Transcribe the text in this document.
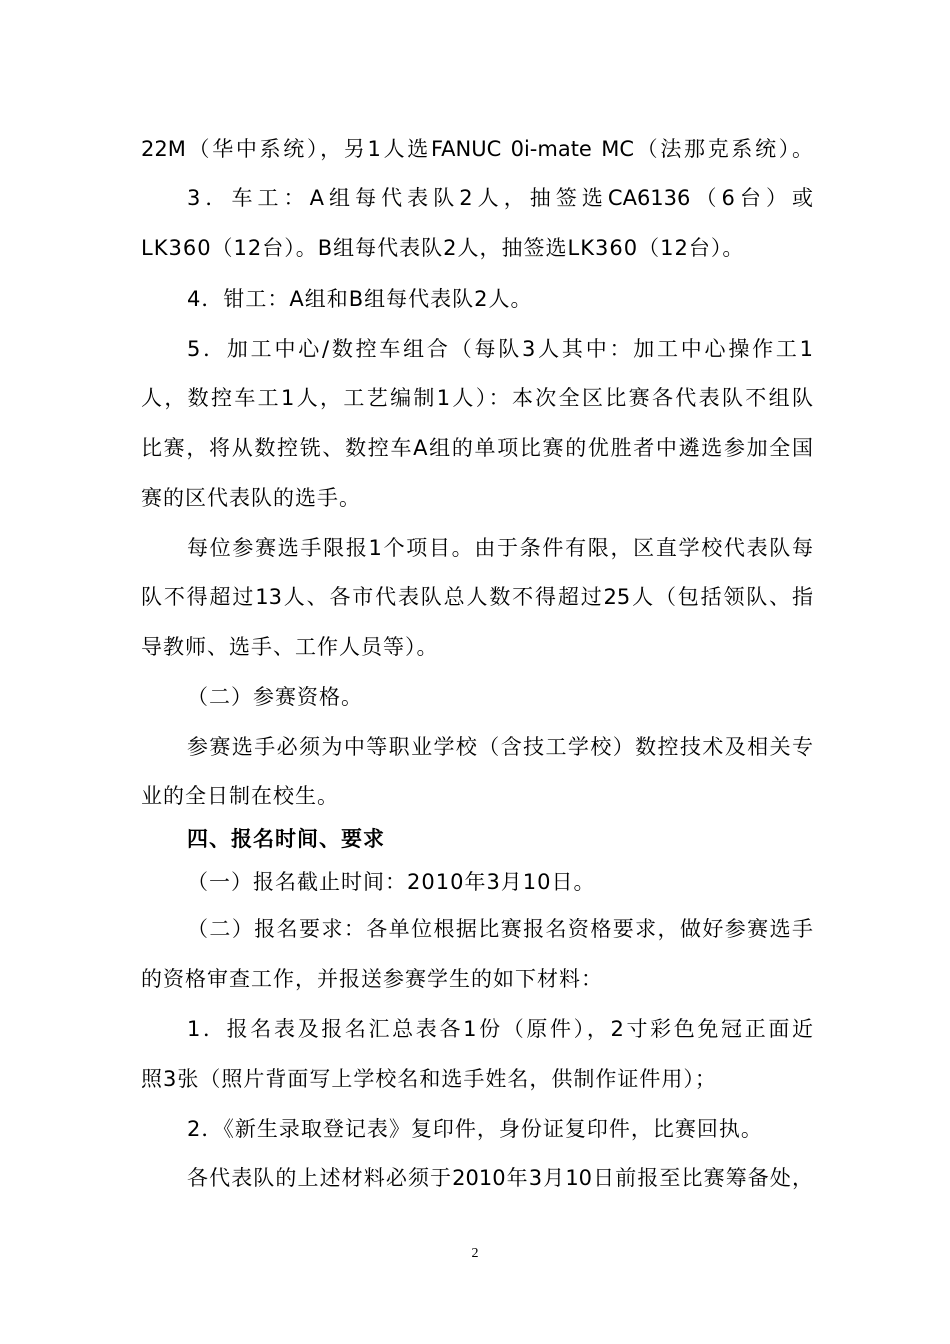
22M（华中系统），另1人选FANUC 0i-mate MC（法那克系统）。
3．车工：A组每代表队2人，抽签选CA6136（6台）或
LK360（12台）。B组每代表队2人，抽签选LK360（12台）。
4．钳工：A组和B组每代表队2人。
5．加工中心/数控车组合（每队3人其中：加工中心操作工1
人，数控车工1人，工艺编制1人）：本次全区比赛各代表队不组队
比赛，将从数控铣、数控车A组的单项比赛的优胜者中遴选参加全国
赛的区代表队的选手。
每位参赛选手限报1个项目。由于条件有限，区直学校代表队每
队不得超过13人、各市代表队总人数不得超过25人（包括领队、指
导教师、选手、工作人员等）。
（二）参赛资格。
参赛选手必须为中等职业学校（含技工学校）数控技术及相关专
业的全日制在校生。
四、报名时间、要求
（一）报名截止时间：2010年3月10日。
（二）报名要求：各单位根据比赛报名资格要求，做好参赛选手
的资格审查工作，并报送参赛学生的如下材料：
1．报名表及报名汇总表各1份（原件），2寸彩色免冠正面近
照3张（照片背面写上学校名和选手姓名，供制作证件用）；
2．《新生录取登记表》复印件，身份证复印件，比赛回执。
各代表队的上述材料必须于2010年3月10日前报至比赛筹备处，
2
